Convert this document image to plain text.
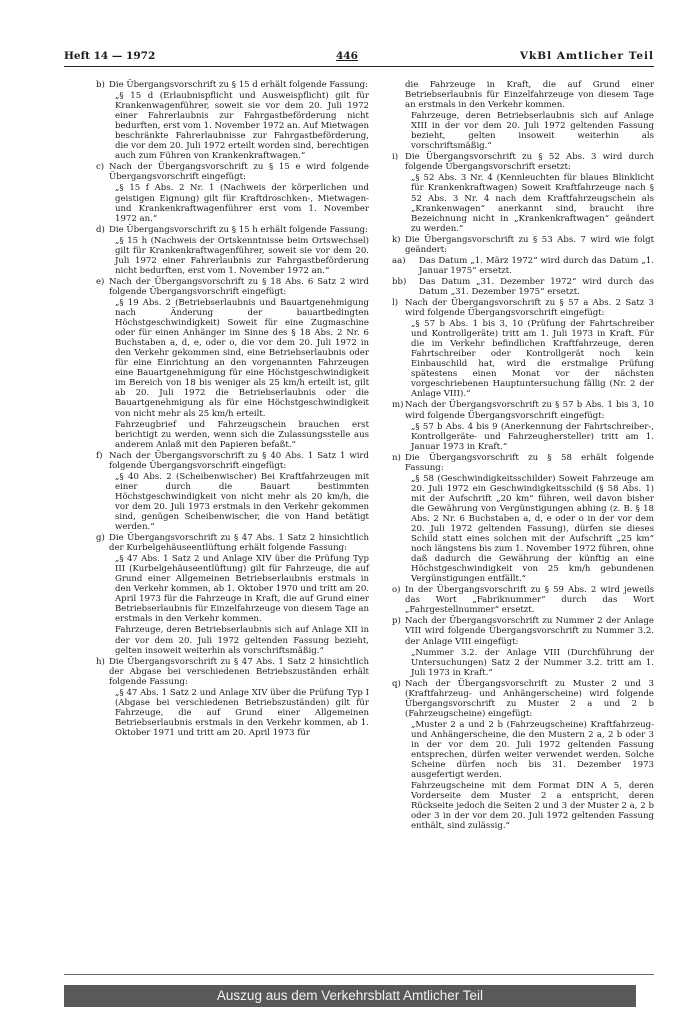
Heft 14 — 1972	446	VkBl Amtlicher Teil
b) Die Übergangsvorschrift zu § 15 d erhält folgende Fassung:
„§ 15 d (Erlaubnispflicht und Ausweispflicht) gilt für Krankenwagenführer, soweit sie vor dem 20. Juli 1972 einer Fahrerlaubnis zur Fahrgastbeförderung nicht bedurften, erst vom 1. November 1972 an. Auf Mietwagen beschränkte Fahrerlaubnisse zur Fahrgastbeförderung, die vor dem 20. Juli 1972 erteilt worden sind, berechtigen auch zum Führen von Krankenkraftwagen.“
c) Nach der Übergangsvorschrift zu § 15 e wird folgende Übergangsvorschrift eingefügt:
„§ 15 f Abs. 2 Nr. 1 (Nachweis der körperlichen und geistigen Eignung) gilt für Kraftdroschken-, Mietwagen- und Krankenkraftwagenführer erst vom 1. November 1972 an.“
d) Die Übergangsvorschrift zu § 15 h erhält folgende Fassung:
„§ 15 h (Nachweis der Ortskenntnisse beim Ortswechsel) gilt für Krankenkraftwagenführer, soweit sie vor dem 20. Juli 1972 einer Fahrerlaubnis zur Fahrgastbeförderung nicht bedurften, erst vom 1. November 1972 an.“
e) Nach der Übergangsvorschrift zu § 18 Abs. 6 Satz 2 wird folgende Übergangsvorschrift eingefügt:
„§ 19 Abs. 2 (Betriebserlaubnis und Bauartgenehmigung nach Änderung der bauartbedingten Höchstgeschwindigkeit) Soweit für eine Zugmaschine oder für einen Anhänger im Sinne des § 18 Abs. 2 Nr. 6 Buchstaben a, d, e, oder o, die vor dem 20. Juli 1972 in den Verkehr gekommen sind, eine Betriebserlaubnis oder für eine Einrichtung an den vorgenannten Fahrzeugen eine Bauartgenehmigung für eine Höchstgeschwindigkeit im Bereich von 18 bis weniger als 25 km/h erteilt ist, gilt ab 20. Juli 1972 die Betriebserlaubnis oder die Bauartgenehmigung als für eine Höchstgeschwindigkeit von nicht mehr als 25 km/h erteilt.
Fahrzeugbrief und Fahrzeugschein brauchen erst berichtigt zu werden, wenn sich die Zulassungsstelle aus anderem Anlaß mit den Papieren befaßt.“
f) Nach der Übergangsvorschrift zu § 40 Abs. 1 Satz 1 wird folgende Übergangsvorschrift eingefügt:
„§ 40 Abs. 2 (Scheibenwischer) Bei Kraftfahrzeugen mit einer durch die Bauart bestimmten Höchstgeschwindigkeit von nicht mehr als 20 km/h, die vor dem 20. Juli 1973 erstmals in den Verkehr gekommen sind, genügen Scheibenwischer, die von Hand betätigt werden.“
g) Die Übergangsvorschrift zu § 47 Abs. 1 Satz 2 hinsichtlich der Kurbelgehäuseentlüftung erhält folgende Fassung:
„§ 47 Abs. 1 Satz 2 und Anlage XIV über die Prüfung Typ III (Kurbelgehäuseentlüftung) gilt für Fahrzeuge, die auf Grund einer Allgemeinen Betriebserlaubnis erstmals in den Verkehr kommen, ab 1. Oktober 1970 und tritt am 20. April 1973 für die Fahrzeuge in Kraft, die auf Grund einer Betriebserlaubnis für Einzelfahrzeuge von diesem Tage an erstmals in den Verkehr kommen.
Fahrzeuge, deren Betriebserlaubnis sich auf Anlage XII in der vor dem 20. Juli 1972 geltenden Fassung bezieht, gelten insoweit weiterhin als vorschriftsmäßig.“
h) Die Übergangsvorschrift zu § 47 Abs. 1 Satz 2 hinsichtlich der Abgase bei verschiedenen Betriebszuständen erhält folgende Fassung:
„§ 47 Abs. 1 Satz 2 und Anlage XIV über die Prüfung Typ I (Abgase bei verschiedenen Betriebszuständen) gilt für Fahrzeuge, die auf Grund einer Allgemeinen Betriebserlaubnis erstmals in den Verkehr kommen, ab 1. Oktober 1971 und tritt am 20. April 1973 für
die Fahrzeuge in Kraft, die auf Grund einer Betriebserlaubnis für Einzelfahrzeuge von diesem Tage an erstmals in den Verkehr kommen.
Fahrzeuge, deren Betriebserlaubnis sich auf Anlage XIII in der vor dem 20. Juli 1972 geltenden Fassung bezieht, gelten insoweit weiterhin als vorschriftsmäßig.“
i) Die Übergangsvorschrift zu § 52 Abs. 3 wird durch folgende Übergangsvorschrift ersetzt:
„§ 52 Abs. 3 Nr. 4 (Kennleuchten für blaues Blinklicht für Krankenkraftwagen) Soweit Kraftfahrzeuge nach § 52 Abs. 3 Nr. 4 nach dem Kraftfahrzeugschein als „Krankenwagen“ anerkannt sind, braucht ihre Bezeichnung nicht in „Krankenkraftwagen“ geändert zu werden.“
k) Die Übergangsvorschrift zu § 53 Abs. 7 wird wie folgt geändert:
aa) Das Datum „1. März 1972“ wird durch das Datum „1. Januar 1975“ ersetzt.
bb) Das Datum „31. Dezember 1972“ wird durch das Datum „31. Dezember 1975“ ersetzt.
l) Nach der Übergangsvorschrift zu § 57 a Abs. 2 Satz 3 wird folgende Übergangsvorschrift eingefügt:
„§ 57 b Abs. 1 bis 3, 10 (Prüfung der Fahrtschreiber und Kontrollgeräte) tritt am 1. Juli 1973 in Kraft. Für die im Verkehr befindlichen Kraftfahrzeuge, deren Fahrtschreiber oder Kontrollgerät noch kein Einbauschild hat, wird die erstmalige Prüfung spätestens einen Monat vor der nächsten vorgeschriebenen Hauptuntersuchung fällig (Nr. 2 der Anlage VIII).“
m) Nach der Übergangsvorschrift zu § 57 b Abs. 1 bis 3, 10 wird folgende Übergangsvorschrift eingefügt:
„§ 57 b Abs. 4 bis 9 (Anerkennung der Fahrtschreiber-, Kontrollgeräte- und Fahrzeughersteller) tritt am 1. Januar 1973 in Kraft.“
n) Die Übergangsvorschrift zu § 58 erhält folgende Fassung:
„§ 58 (Geschwindigkeitsschilder) Soweit Fahrzeuge am 20. Juli 1972 ein Geschwindigkeitsschild (§ 58 Abs. 1) mit der Aufschrift „20 km“ führen, weil davon bisher die Gewährung von Vergünstigungen abhing (z. B. § 18 Abs. 2 Nr. 6 Buchstaben a, d, e oder o in der vor dem 20. Juli 1972 geltenden Fassung), dürfen sie dieses Schild statt eines solchen mit der Aufschrift „25 km“ noch längstens bis zum 1. November 1972 führen, ohne daß dadurch die Gewährung der künftig an eine Höchstgeschwindigkeit von 25 km/h gebundenen Vergünstigungen entfällt.“
o) In der Übergangsvorschrift zu § 59 Abs. 2 wird jeweils das Wort „Fabriknummer“ durch das Wort „Fahrgestellnummer“ ersetzt.
p) Nach der Übergangsvorschrift zu Nummer 2 der Anlage VIII wird folgende Übergangsvorschrift zu Nummer 3.2. der Anlage VIII eingefügt:
„Nummer 3.2. der Anlage VIII (Durchführung der Untersuchungen) Satz 2 der Nummer 3.2. tritt am 1. Juli 1973 in Kraft.“
q) Nach der Übergangsvorschrift zu Muster 2 und 3 (Kraftfahrzeug- und Anhängerscheine) wird folgende Übergangsvorschrift zu Muster 2 a und 2 b (Fahrzeugscheine) eingefügt:
„Muster 2 a und 2 b (Fahrzeugscheine) Kraftfahrzeug- und Anhängerscheine, die den Mustern 2 a, 2 b oder 3 in der vor dem 20. Juli 1972 geltenden Fassung entsprechen, dürfen weiter verwendet werden. Solche Scheine dürfen noch bis 31. Dezember 1973 ausgefertigt werden.
Fahrzeugscheine mit dem Format DIN A 5, deren Vorderseite dem Muster 2 a entspricht, deren Rückseite jedoch die Seiten 2 und 3 der Muster 2 a, 2 b oder 3 in der vor dem 20. Juli 1972 geltenden Fassung enthält, sind zulässig.“
Auszug aus dem Verkehrsblatt Amtlicher Teil
